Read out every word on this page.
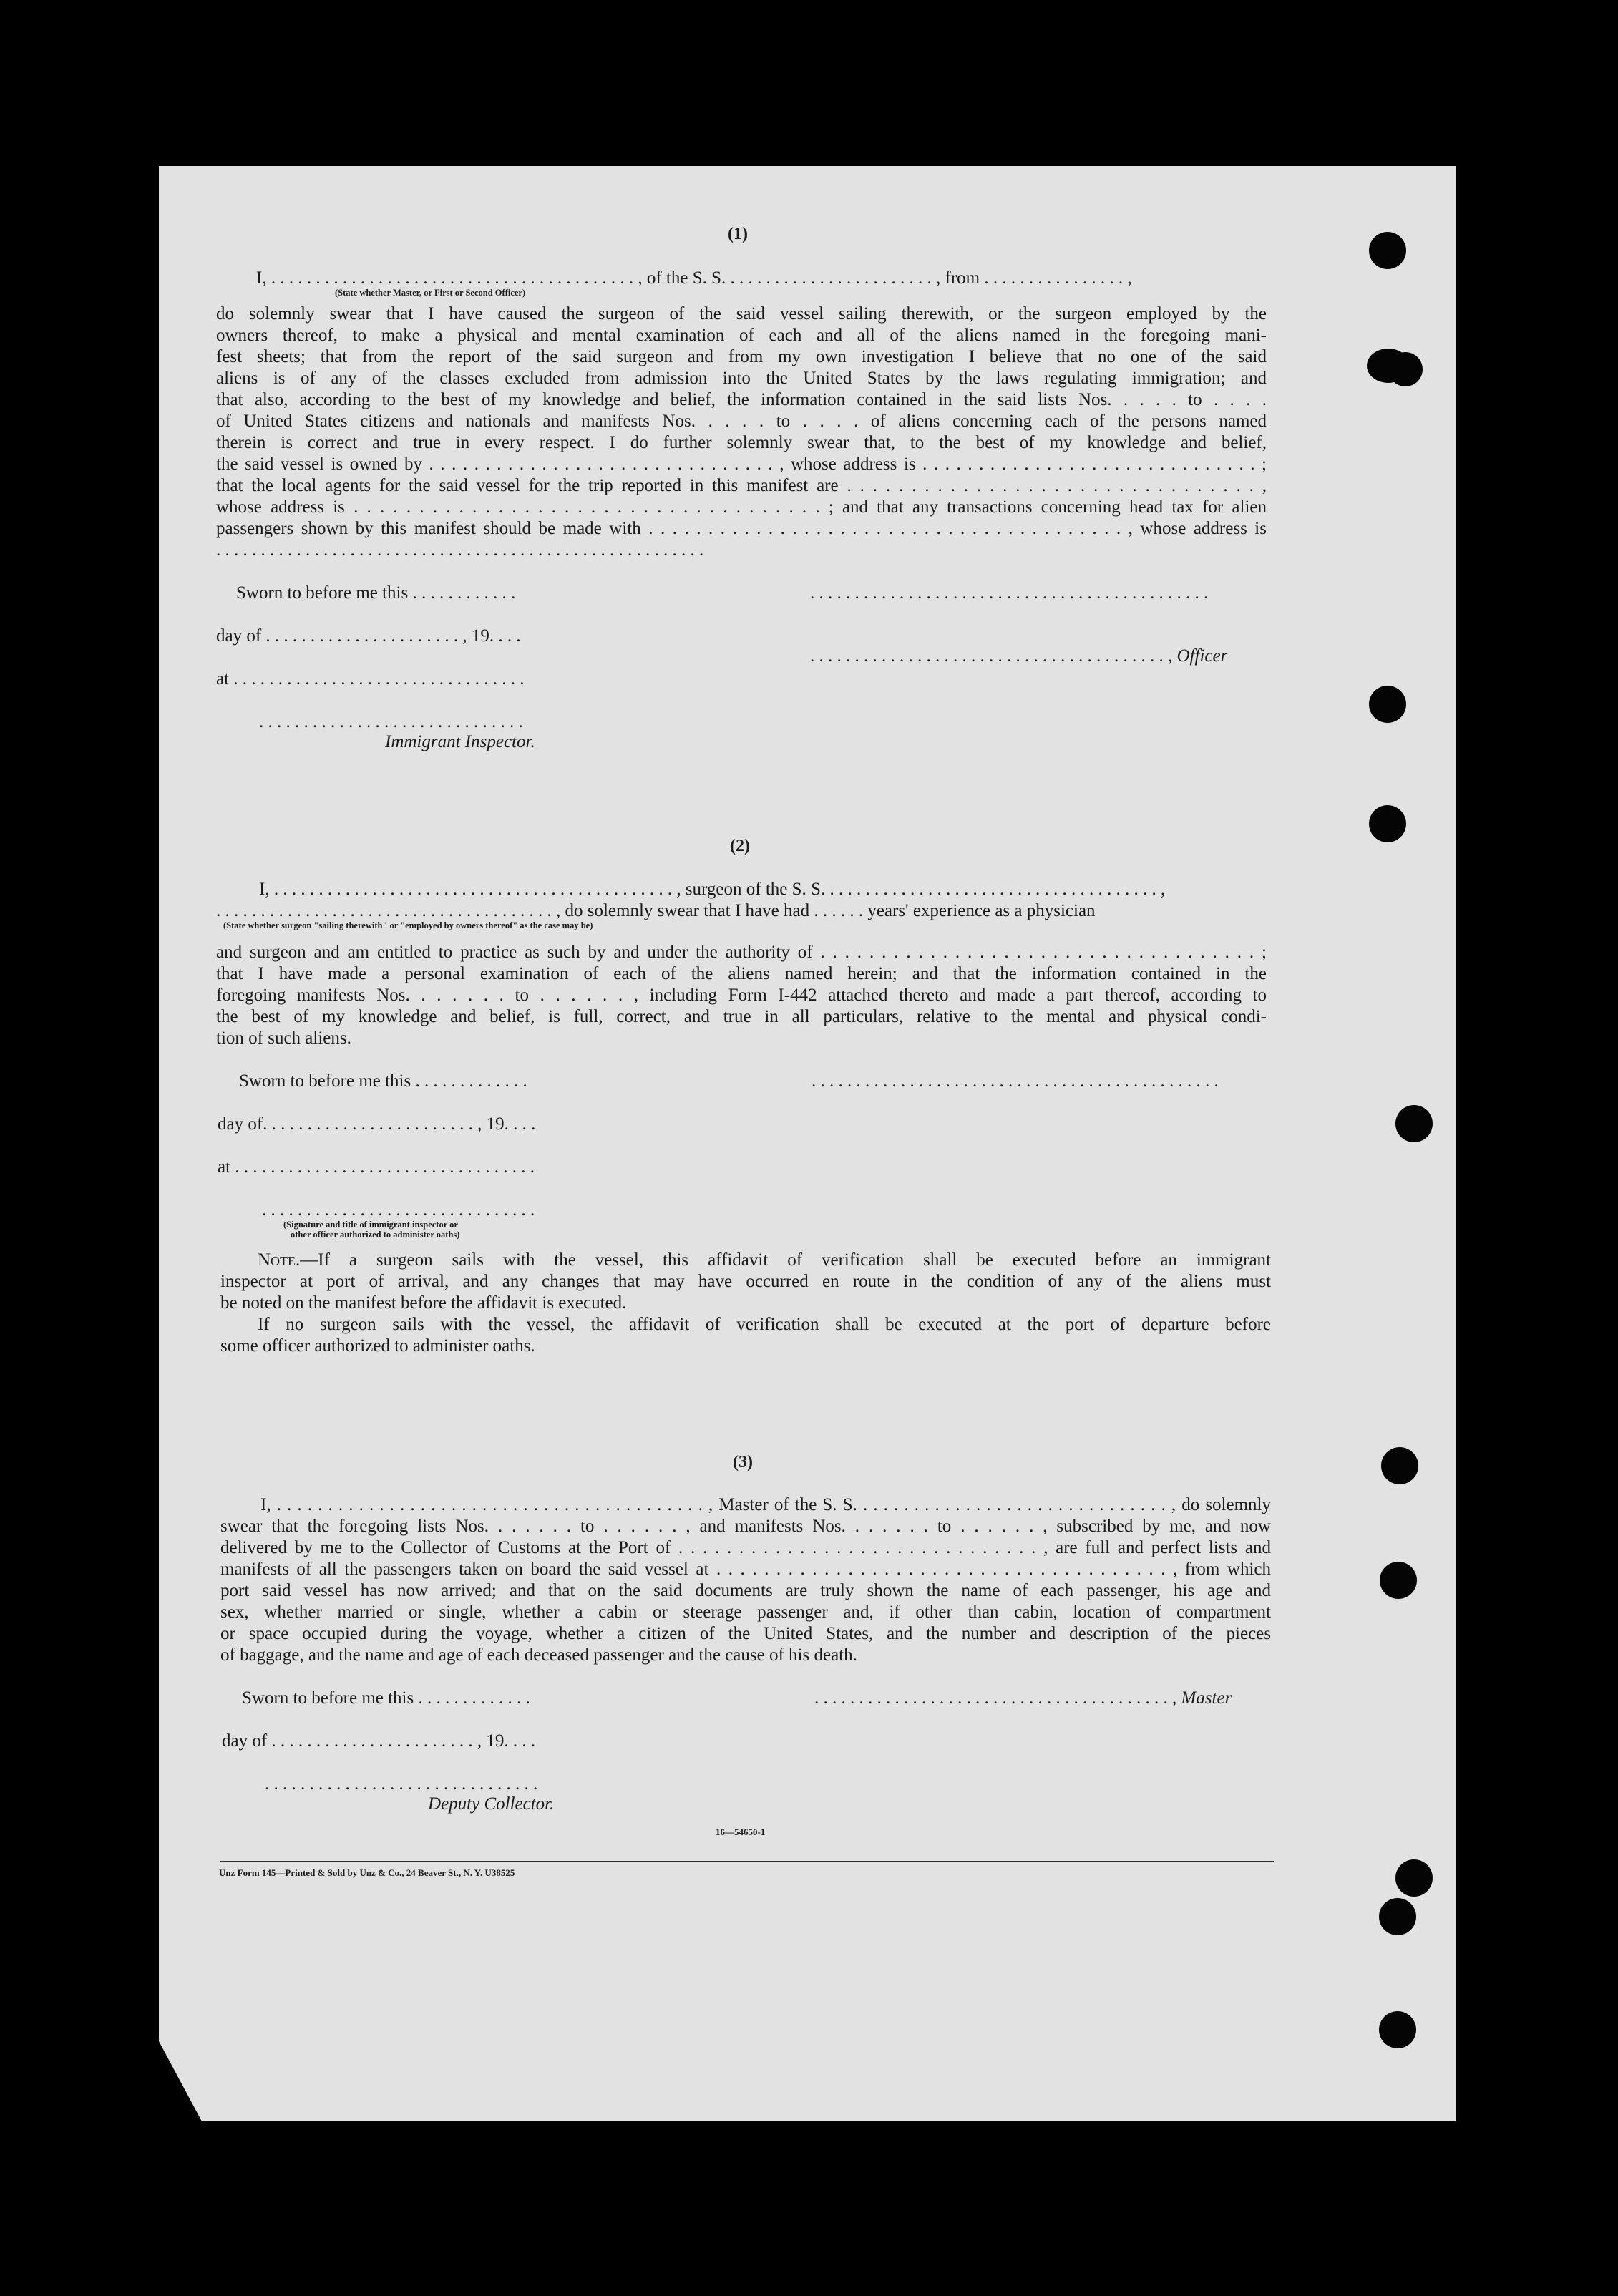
(1)
I, . . . . . . . . . . . . . . . . . . . . . . . . . . . . . . . . . . . . . . . . . , of the S. S. . . . . . . . . . . . . . . . . . . . . . . . , from . . . . . . . . . . . . . . . . ,
(State whether Master, or First or Second Officer)
do solemnly swear that I have caused the surgeon of the said vessel sailing therewith, or the surgeon employed by the
owners thereof, to make a physical and mental examination of each and all of the aliens named in the foregoing mani-
fest sheets; that from the report of the said surgeon and from my own investigation I believe that no one of the said
aliens is of any of the classes excluded from admission into the United States by the laws regulating immigration; and
that also, according to the best of my knowledge and belief, the information contained in the said lists Nos. . . . . to . . . .
of United States citizens and nationals and manifests Nos. . . . . to . . . . of aliens concerning each of the persons named
therein is correct and true in every respect. I do further solemnly swear that, to the best of my knowledge and belief,
the said vessel is owned by . . . . . . . . . . . . . . . . . . . . . . . . . . . . . . . , whose address is . . . . . . . . . . . . . . . . . . . . . . . . . . . . . . ;
that the local agents for the said vessel for the trip reported in this manifest are . . . . . . . . . . . . . . . . . . . . . . . . . . . . . . . . ,
whose address is . . . . . . . . . . . . . . . . . . . . . . . . . . . . . . . . . . . . ; and that any transactions concerning head tax for alien
passengers shown by this manifest should be made with . . . . . . . . . . . . . . . . . . . . . . . . . . . . . . . . . . . . . . . . , whose address is
. . . . . . . . . . . . . . . . . . . . . . . . . . . . . . . . . . . . . . . . . . . . . . . . . . . . . . .
Sworn to before me this . . . . . . . . . . . .	. . . . . . . . . . . . . . . . . . . . . . . . . . . . . . . . . . . . . . . . . . . . .
day of . . . . . . . . . . . . . . . . . . . . . . , 19. . . .
. . . . . . . . . . . . . . . . . . . . . . . . . . . . . . . . . . . . . . . . , Officer
at . . . . . . . . . . . . . . . . . . . . . . . . . . . . . . . . .
. . . . . . . . . . . . . . . . . . . . . . . . . . . . . .
Immigrant Inspector.
(2)
I, . . . . . . . . . . . . . . . . . . . . . . . . . . . . . . . . . . . . . . . . . . . . . , surgeon of the S. S. . . . . . . . . . . . . . . . . . . . . . . . . . . . . . . . . . . . . . ,
. . . . . . . . . . . . . . . . . . . . . . . . . . . . . . . . . . . . . . , do solemnly swear that I have had . . . . . . years' experience as a physician
(State whether surgeon "sailing therewith" or "employed by owners thereof" as the case may be)
and surgeon and am entitled to practice as such by and under the authority of . . . . . . . . . . . . . . . . . . . . . . . . . . . . . . . . . . . . ;
that I have made a personal examination of each of the aliens named herein; and that the information contained in the
foregoing manifests Nos. . . . . . . to . . . . . . , including Form I-442 attached thereto and made a part thereof, according to
the best of my knowledge and belief, is full, correct, and true in all particulars, relative to the mental and physical condi-
tion of such aliens.
Sworn to before me this . . . . . . . . . . . . .	. . . . . . . . . . . . . . . . . . . . . . . . . . . . . . . . . . . . . . . . . . . . . .
day of. . . . . . . . . . . . . . . . . . . . . . . . , 19. . . .
at . . . . . . . . . . . . . . . . . . . . . . . . . . . . . . . . . .
. . . . . . . . . . . . . . . . . . . . . . . . . . . . . . .
(Signature and title of immigrant inspector or
other officer authorized to administer oaths)
Note.—If a surgeon sails with the vessel, this affidavit of verification shall be executed before an immigrant
inspector at port of arrival, and any changes that may have occurred en route in the condition of any of the aliens must
be noted on the manifest before the affidavit is executed.
If no surgeon sails with the vessel, the affidavit of verification shall be executed at the port of departure before
some officer authorized to administer oaths.
(3)
I, . . . . . . . . . . . . . . . . . . . . . . . . . . . . . . . . . . . . . . . . . . , Master of the S. S. . . . . . . . . . . . . . . . . . . . . . . . . . . . . . . , do solemnly
swear that the foregoing lists Nos. . . . . . . to . . . . . . , and manifests Nos. . . . . . . to . . . . . . , subscribed by me, and now
delivered by me to the Collector of Customs at the Port of . . . . . . . . . . . . . . . . . . . . . . . . . . . . . . , are full and perfect lists and
manifests of all the passengers taken on board the said vessel at . . . . . . . . . . . . . . . . . . . . . . . . . . . . . . . . . . . . . . , from which
port said vessel has now arrived; and that on the said documents are truly shown the name of each passenger, his age and
sex, whether married or single, whether a cabin or steerage passenger and, if other than cabin, location of compartment
or space occupied during the voyage, whether a citizen of the United States, and the number and description of the pieces
of baggage, and the name and age of each deceased passenger and the cause of his death.
Sworn to before me this . . . . . . . . . . . . .	. . . . . . . . . . . . . . . . . . . . . . . . . . . . . . . . . . . . . . . . , Master
day of . . . . . . . . . . . . . . . . . . . . . . . , 19. . . .
. . . . . . . . . . . . . . . . . . . . . . . . . . . . . . .
Deputy Collector.
16—54650-1
Unz Form 145—Printed & Sold by Unz & Co., 24 Beaver St., N. Y. U38525
